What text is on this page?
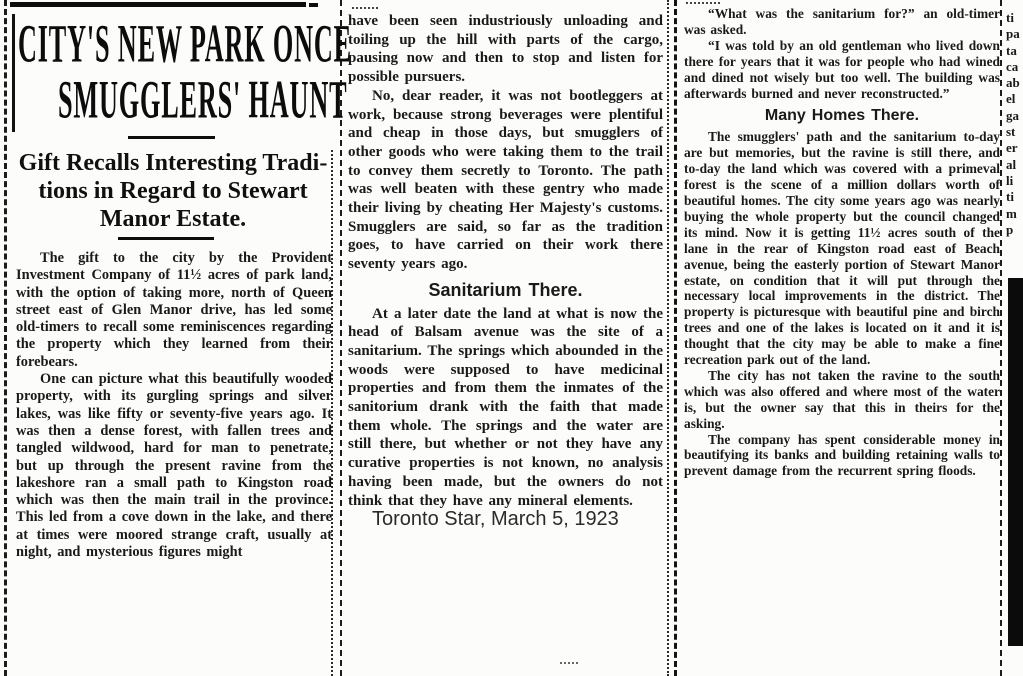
CITY'S NEW PARK ONCE
SMUGGLERS' HAUNT
Gift Recalls Interesting Tradi-
tions in Regard to Stewart
Manor Estate.

The gift to the city by the Provident Investment Company of 11½ acres of park land, with the option of taking more, north of Queen street east of Glen Manor drive, has led some old-timers to recall some reminiscences regarding the property which they learned from their forebears.

One can picture what this beautifully wooded property, with its gurgling springs and silver lakes, was like fifty or seventy-five years ago. It was then a dense forest, with fallen trees and tangled wildwood, hard for man to penetrate, but up through the present ravine from the lakeshore ran a small path to Kingston road which was then the main trail in the province. This led from a cove down in the lake, and there at times were moored strange craft, usually at night, and mysterious figures might

have been seen industriously unloading and toiling up the hill with parts of the cargo, pausing now and then to stop and listen for possible pursuers.

No, dear reader, it was not bootleggers at work, because strong beverages were plentiful and cheap in those days, but smugglers of other goods who were taking them to the trail to convey them secretly to Toronto. The path was well beaten with these gentry who made their living by cheating Her Majesty's customs. Smugglers are said, so far as the tradition goes, to have carried on their work there seventy years ago.

Sanitarium There.

At a later date the land at what is now the head of Balsam avenue was the site of a sanitarium. The springs which abounded in the woods were supposed to have medicinal properties and from them the inmates of the sanitorium drank with the faith that made them whole. The springs and the water are still there, but whether or not they have any curative properties is not known, no analysis having been made, but the owners do not think that they have any mineral elements.

Toronto Star, March 5, 1923

“What was the sanitarium for?” an old-timer was asked.

“I was told by an old gentleman who lived down there for years that it was for people who had wined and dined not wisely but too well. The building was afterwards burned and never reconstructed.”

Many Homes There.

The smugglers' path and the sanitarium to-day are but memories, but the ravine is still there, and to-day the land which was covered with a primeval forest is the scene of a million dollars worth of beautiful homes. The city some years ago was nearly buying the whole property but the council changed its mind. Now it is getting 11½ acres south of the lane in the rear of Kingston road east of Beach avenue, being the easterly portion of Stewart Manor estate, on condition that it will put through the necessary local improvements in the district. The property is picturesque with beautiful pine and birch trees and one of the lakes is located on it and it is thought that the city may be able to make a fine recreation park out of the land.

The city has not taken the ravine to the south which was also offered and where most of the water is, but the owner say that this in theirs for the asking.

The company has spent considerable money in beautifying its banks and building retaining walls to prevent damage from the recurrent spring floods.

ti
pa
ta
ca
ab
el
ga
st
er
al
li
ti
m
p
